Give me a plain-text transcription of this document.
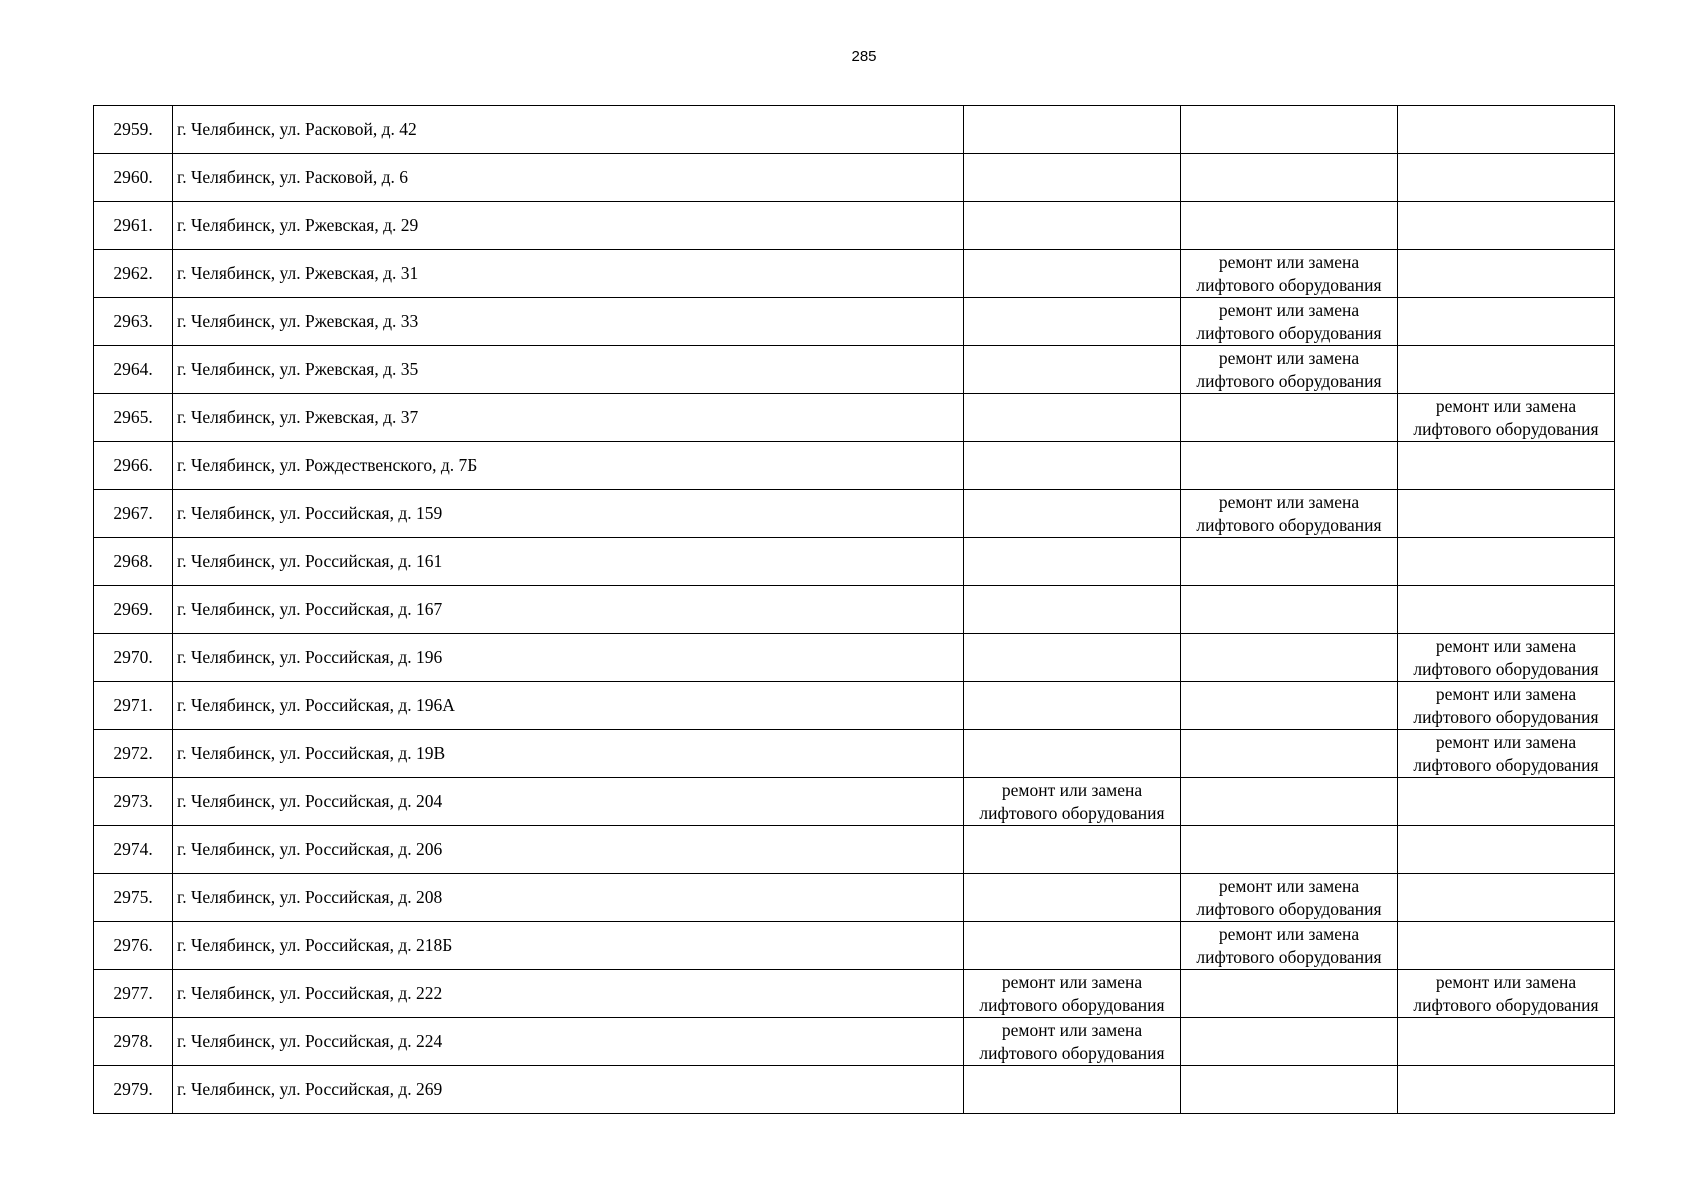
285
2959.	г. Челябинск, ул. Расковой, д. 42			
2960.	г. Челябинск, ул. Расковой, д. 6			
2961.	г. Челябинск, ул. Ржевская, д. 29			
2962.	г. Челябинск, ул. Ржевская, д. 31		ремонт или замена лифтового оборудования	
2963.	г. Челябинск, ул. Ржевская, д. 33		ремонт или замена лифтового оборудования	
2964.	г. Челябинск, ул. Ржевская, д. 35		ремонт или замена лифтового оборудования	
2965.	г. Челябинск, ул. Ржевская, д. 37			ремонт или замена лифтового оборудования
2966.	г. Челябинск, ул. Рождественского, д. 7Б			
2967.	г. Челябинск, ул. Российская, д. 159		ремонт или замена лифтового оборудования	
2968.	г. Челябинск, ул. Российская, д. 161			
2969.	г. Челябинск, ул. Российская, д. 167			
2970.	г. Челябинск, ул. Российская, д. 196			ремонт или замена лифтового оборудования
2971.	г. Челябинск, ул. Российская, д. 196А			ремонт или замена лифтового оборудования
2972.	г. Челябинск, ул. Российская, д. 19В			ремонт или замена лифтового оборудования
2973.	г. Челябинск, ул. Российская, д. 204	ремонт или замена лифтового оборудования		
2974.	г. Челябинск, ул. Российская, д. 206			
2975.	г. Челябинск, ул. Российская, д. 208		ремонт или замена лифтового оборудования	
2976.	г. Челябинск, ул. Российская, д. 218Б		ремонт или замена лифтового оборудования	
2977.	г. Челябинск, ул. Российская, д. 222	ремонт или замена лифтового оборудования		ремонт или замена лифтового оборудования
2978.	г. Челябинск, ул. Российская, д. 224	ремонт или замена лифтового оборудования		
2979.	г. Челябинск, ул. Российская, д. 269			
